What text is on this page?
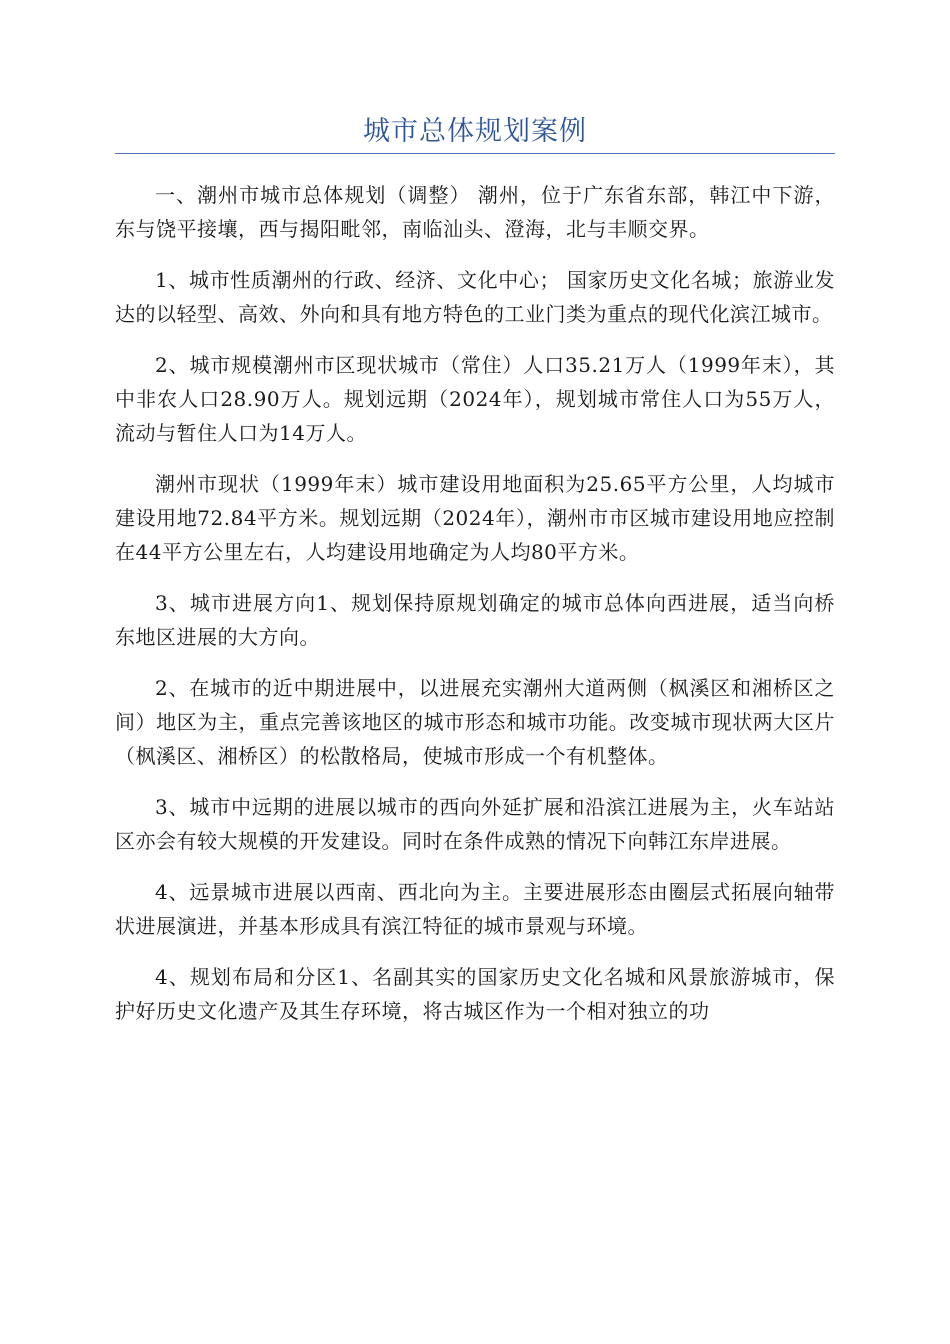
城市总体规划案例

一、潮州市城市总体规划（调整） 潮州，位于广东省东部，韩江中下游，东与饶平接壤，西与揭阳毗邻，南临汕头、澄海，北与丰顺交界。

1、城市性质潮州的行政、经济、文化中心； 国家历史文化名城；旅游业发达的以轻型、高效、外向和具有地方特色的工业门类为重点的现代化滨江城市。

2、城市规模潮州市区现状城市（常住）人口35.21万人（1999年末），其中非农人口28.90万人。规划远期（2024年），规划城市常住人口为55万人，流动与暂住人口为14万人。

潮州市现状（1999年末）城市建设用地面积为25.65平方公里，人均城市建设用地72.84平方米。规划远期（2024年），潮州市市区城市建设用地应控制在44平方公里左右，人均建设用地确定为人均80平方米。

3、城市进展方向1、规划保持原规划确定的城市总体向西进展，适当向桥东地区进展的大方向。

2、在城市的近中期进展中，以进展充实潮州大道两侧（枫溪区和湘桥区之间）地区为主，重点完善该地区的城市形态和城市功能。改变城市现状两大区片（枫溪区、湘桥区）的松散格局，使城市形成一个有机整体。

3、城市中远期的进展以城市的西向外延扩展和沿滨江进展为主，火车站站区亦会有较大规模的开发建设。同时在条件成熟的情况下向韩江东岸进展。

4、远景城市进展以西南、西北向为主。主要进展形态由圈层式拓展向轴带状进展演进，并基本形成具有滨江特征的城市景观与环境。

4、规划布局和分区1、名副其实的国家历史文化名城和风景旅游城市，保护好历史文化遗产及其生存环境，将古城区作为一个相对独立的功
